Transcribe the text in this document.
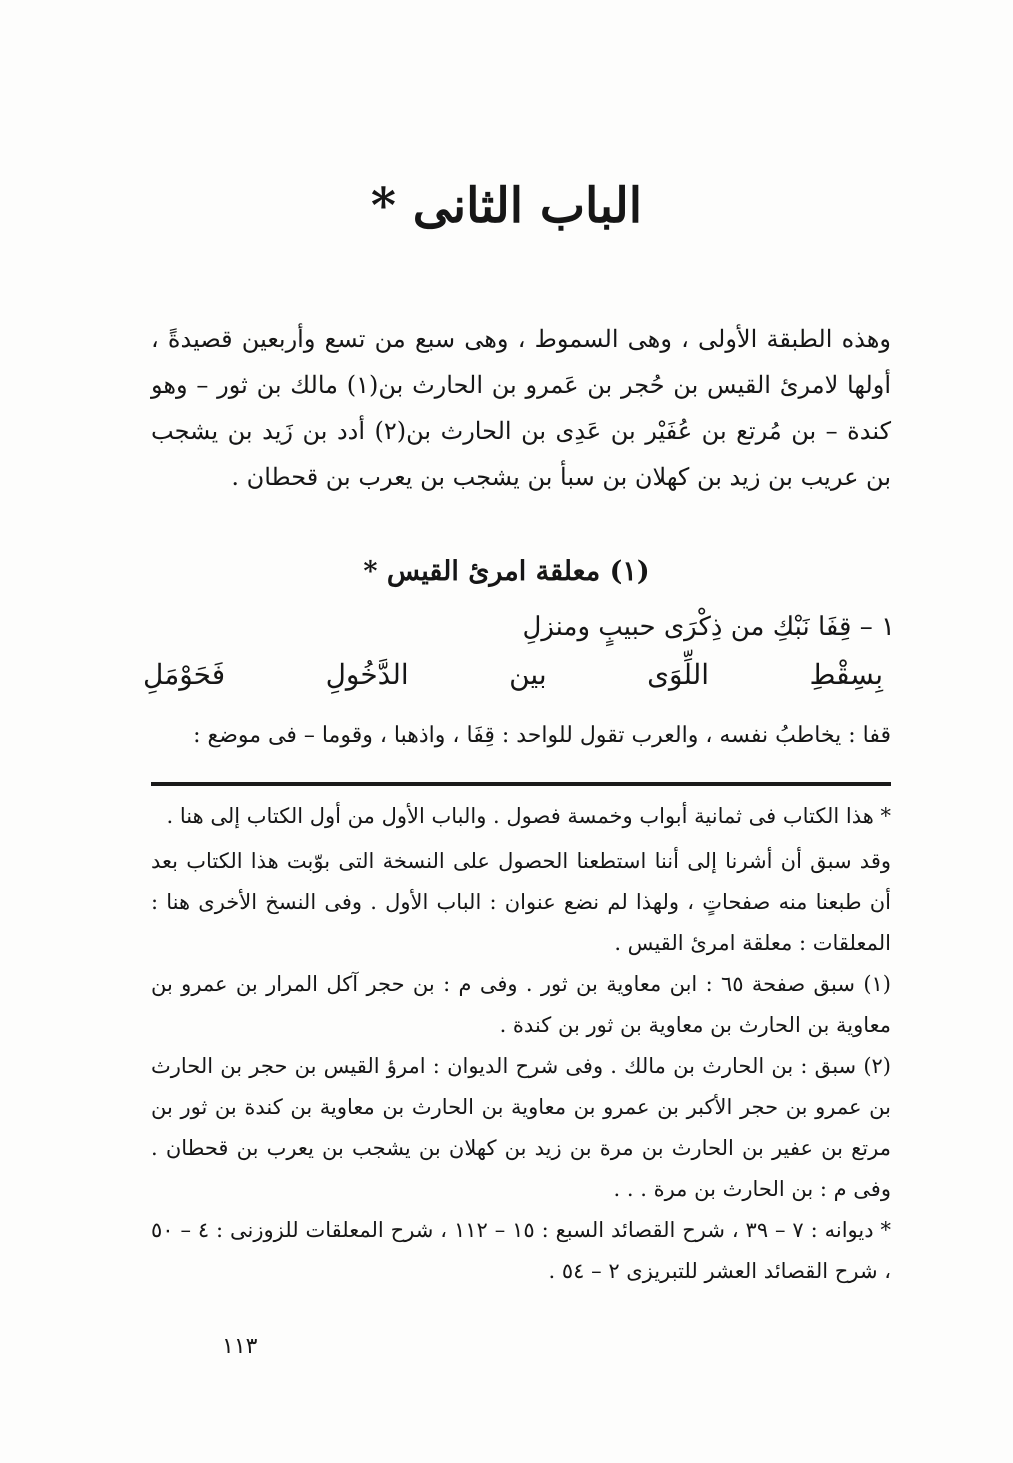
الباب الثانى *

وهذه الطبقة الأولى ، وهى السموط ، وهى سبع من تسع وأربعين قصيدةً ، أولها لامرئ القيس بن حُجر بن عَمرو بن الحارث بن(١) مالك بن ثور – وهو كندة – بن مُرتع بن عُفَيْر بن عَدِى بن الحارث بن(٢) أدد بن زَيد بن يشجب بن عريب بن زيد بن كهلان بن سبأ بن يشجب بن يعرب بن قحطان .

(١) معلقة امرئ القيس *
١ – قِفَا نَبْكِ من ذِكْرَى حبيبٍ ومنزلِ
بِسِقْطِ
اللِّوَى
بين
الدَّخُولِ
فَحَوْمَلِ
قفا : يخاطبُ نفسه ، والعرب تقول للواحد : قِفَا ، واذهبا ، وقوما – فى موضع :

* هذا الكتاب فى ثمانية أبواب وخمسة فصول . والباب الأول من أول الكتاب إلى هنا .

وقد سبق أن أشرنا إلى أننا استطعنا الحصول على النسخة التى بوّبت هذا الكتاب بعد أن طبعنا منه صفحاتٍ ، ولهذا لم نضع عنوان : الباب الأول . وفى النسخ الأخرى هنا : المعلقات : معلقة امرئ القيس .

(١) سبق صفحة ٦٥ : ابن معاوية بن ثور . وفى م : بن حجر آكل المرار بن عمرو بن معاوية بن الحارث بن معاوية بن ثور بن كندة .

(٢) سبق : بن الحارث بن مالك . وفى شرح الديوان : امرؤ القيس بن حجر بن الحارث بن عمرو بن حجر الأكبر بن عمرو بن معاوية بن الحارث بن معاوية بن كندة بن ثور بن مرتع بن عفير بن الحارث بن مرة بن زيد بن كهلان بن يشجب بن يعرب بن قحطان . وفى م : بن الحارث بن مرة . . .

* ديوانه : ٧ – ٣٩ ، شرح القصائد السبع : ١٥ – ١١٢ ، شرح المعلقات للزوزنى : ٤ – ٥٠ ، شرح القصائد العشر للتبريزى ٢ – ٥٤ .

١١٣
